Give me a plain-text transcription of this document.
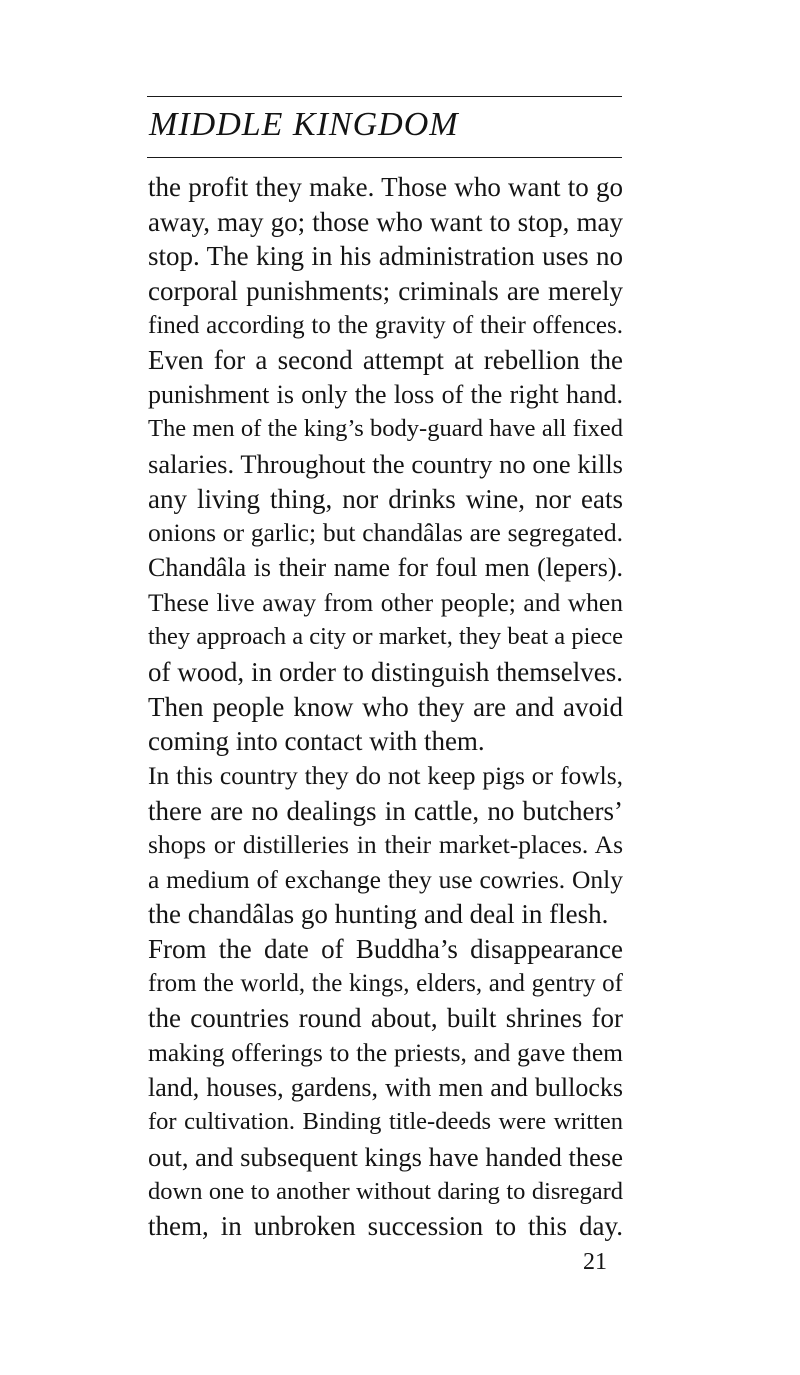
MIDDLE KINGDOM
the profit they make. Those who want to go
away, may go; those who want to stop, may
stop. The king in his administration uses no
corporal punishments; criminals are merely
fined according to the gravity of their offences.
Even for a second attempt at rebellion the
punishment is only the loss of the right hand.
The men of the king’s body-guard have all fixed
salaries. Throughout the country no one kills
any living thing, nor drinks wine, nor eats
onions or garlic; but chandâlas are segregated.
Chandâla is their name for foul men (lepers).
These live away from other people; and when
they approach a city or market, they beat a piece
of wood, in order to distinguish themselves.
Then people know who they are and avoid
coming into contact with them.
In this country they do not keep pigs or fowls,
there are no dealings in cattle, no butchers’
shops or distilleries in their market-places. As
a medium of exchange they use cowries. Only
the chandâlas go hunting and deal in flesh.
From the date of Buddha’s disappearance
from the world, the kings, elders, and gentry of
the countries round about, built shrines for
making offerings to the priests, and gave them
land, houses, gardens, with men and bullocks
for cultivation. Binding title-deeds were written
out, and subsequent kings have handed these
down one to another without daring to disregard
them, in unbroken succession to this day.
21
